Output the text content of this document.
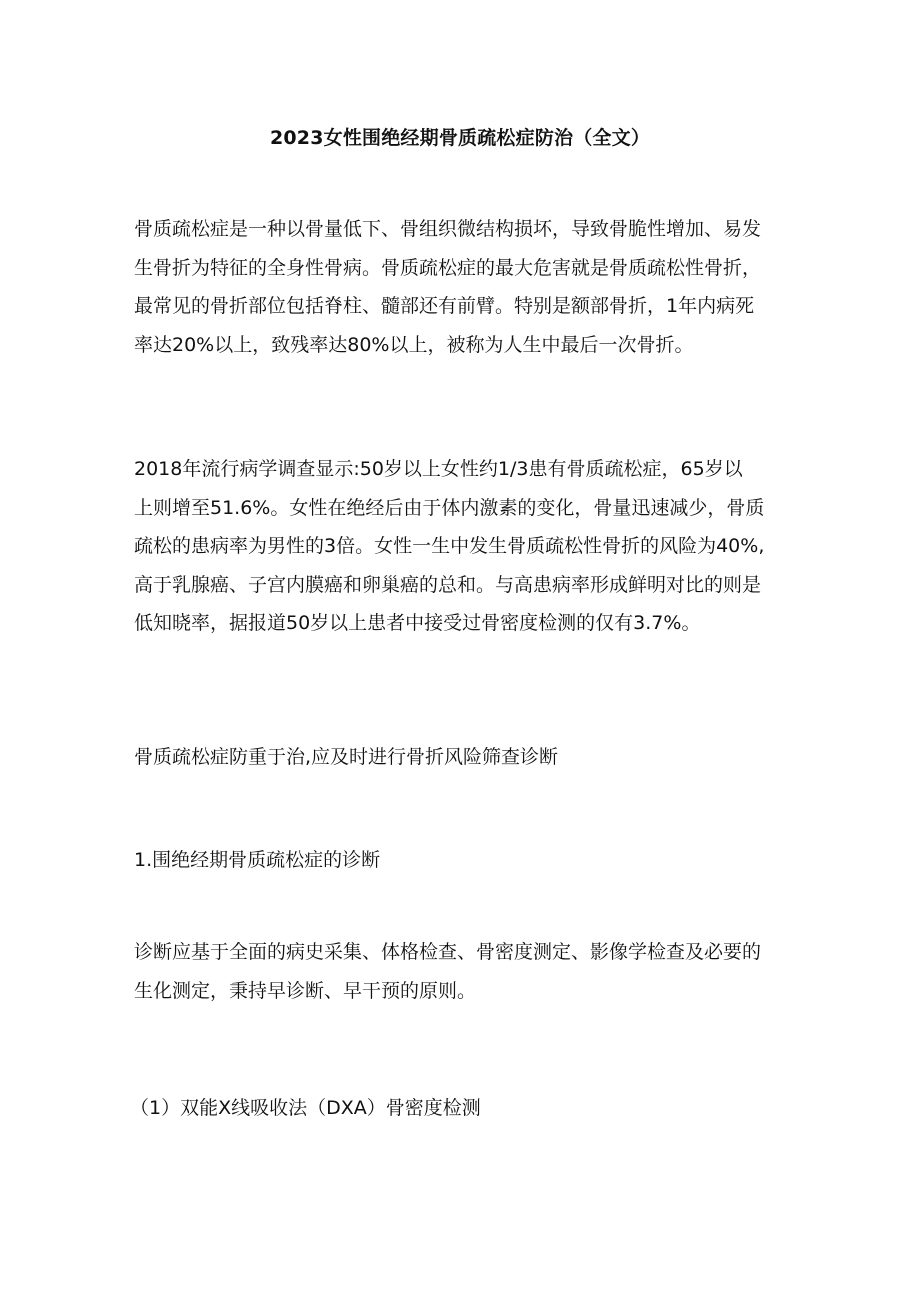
2023女性围绝经期骨质疏松症防治（全文）

骨质疏松症是一种以骨量低下、骨组织微结构损坏，导致骨脆性增加、易发
生骨折为特征的全身性骨病。骨质疏松症的最大危害就是骨质疏松性骨折，
最常见的骨折部位包括脊柱、髓部还有前臂。特别是额部骨折，1年内病死
率达20%以上，致残率达80%以上，被称为人生中最后一次骨折。

2018年流行病学调查显示:50岁以上女性约1/3患有骨质疏松症，65岁以
上则增至51.6%。女性在绝经后由于体内激素的变化，骨量迅速减少，骨质
疏松的患病率为男性的3倍。女性一生中发生骨质疏松性骨折的风险为40%,
高于乳腺癌、子宫内膜癌和卵巢癌的总和。与高患病率形成鲜明对比的则是
低知晓率，据报道50岁以上患者中接受过骨密度检测的仅有3.7%。

骨质疏松症防重于治,应及时进行骨折风险筛查诊断

1.围绝经期骨质疏松症的诊断

诊断应基于全面的病史采集、体格检查、骨密度测定、影像学检查及必要的
生化测定，秉持早诊断、早干预的原则。

（1）双能X线吸收法（DXA）骨密度检测
